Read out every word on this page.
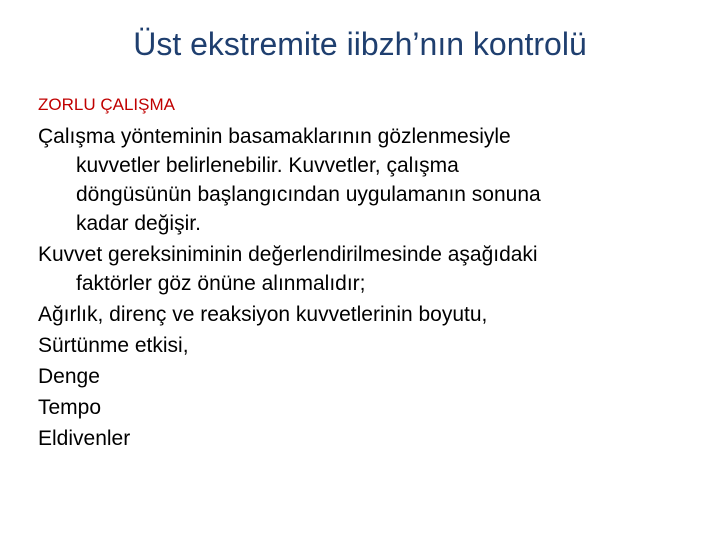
Üst ekstremite iibzh’nın kontrolü
ZORLU ÇALIŞMA
Çalışma yönteminin basamaklarının gözlenmesiyle
kuvvetler belirlenebilir. Kuvvetler, çalışma
döngüsünün başlangıcından uygulamanın sonuna
kadar değişir.
Kuvvet gereksiniminin değerlendirilmesinde aşağıdaki
faktörler göz önüne alınmalıdır;
Ağırlık, direnç ve reaksiyon kuvvetlerinin boyutu,
Sürtünme etkisi,
Denge
Tempo
Eldivenler
